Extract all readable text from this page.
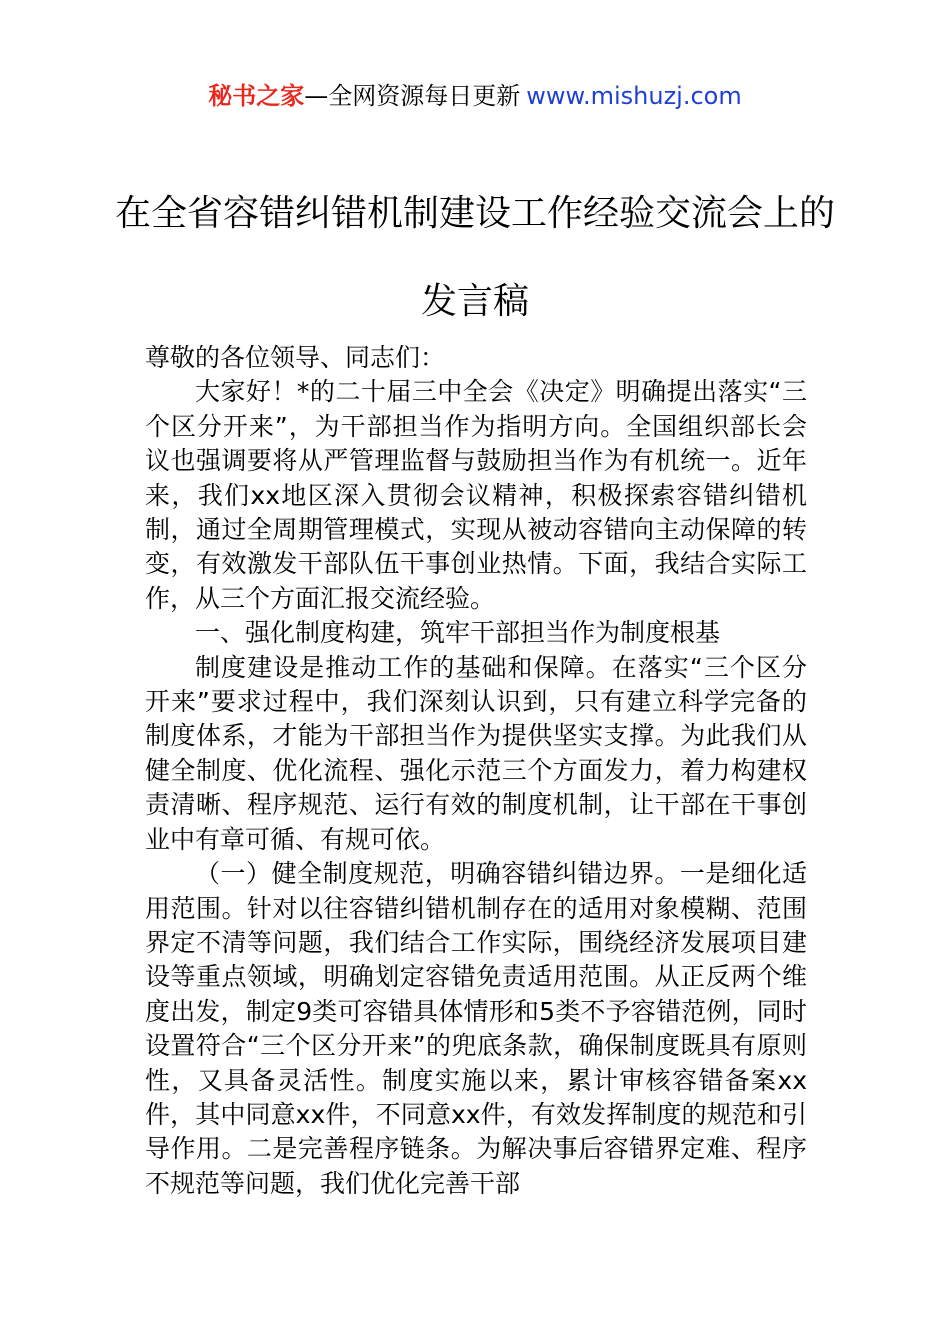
秘书之家—全网资源每日更新 www.mishuzj.com
在全省容错纠错机制建设工作经验交流会上的发言稿

尊敬的各位领导、同志们：

大家好！*的二十届三中全会《决定》明确提出落实“三个区分开来”，为干部担当作为指明方向。全国组织部长会议也强调要将从严管理监督与鼓励担当作为有机统一。近年来，我们xx地区深入贯彻会议精神，积极探索容错纠错机制，通过全周期管理模式，实现从被动容错向主动保障的转变，有效激发干部队伍干事创业热情。下面，我结合实际工作，从三个方面汇报交流经验。

一、强化制度构建，筑牢干部担当作为制度根基

制度建设是推动工作的基础和保障。在落实“三个区分开来”要求过程中，我们深刻认识到，只有建立科学完备的制度体系，才能为干部担当作为提供坚实支撑。为此我们从健全制度、优化流程、强化示范三个方面发力，着力构建权责清晰、程序规范、运行有效的制度机制，让干部在干事创业中有章可循、有规可依。

（一）健全制度规范，明确容错纠错边界。一是细化适用范围。针对以往容错纠错机制存在的适用对象模糊、范围界定不清等问题，我们结合工作实际，围绕经济发展项目建设等重点领域，明确划定容错免责适用范围。从正反两个维度出发，制定9类可容错具体情形和5类不予容错范例，同时设置符合“三个区分开来”的兜底条款，确保制度既具有原则性，又具备灵活性。制度实施以来，累计审核容错备案xx件，其中同意xx件，不同意xx件，有效发挥制度的规范和引导作用。二是完善程序链条。为解决事后容错界定难、程序不规范等问题，我们优化完善干部
